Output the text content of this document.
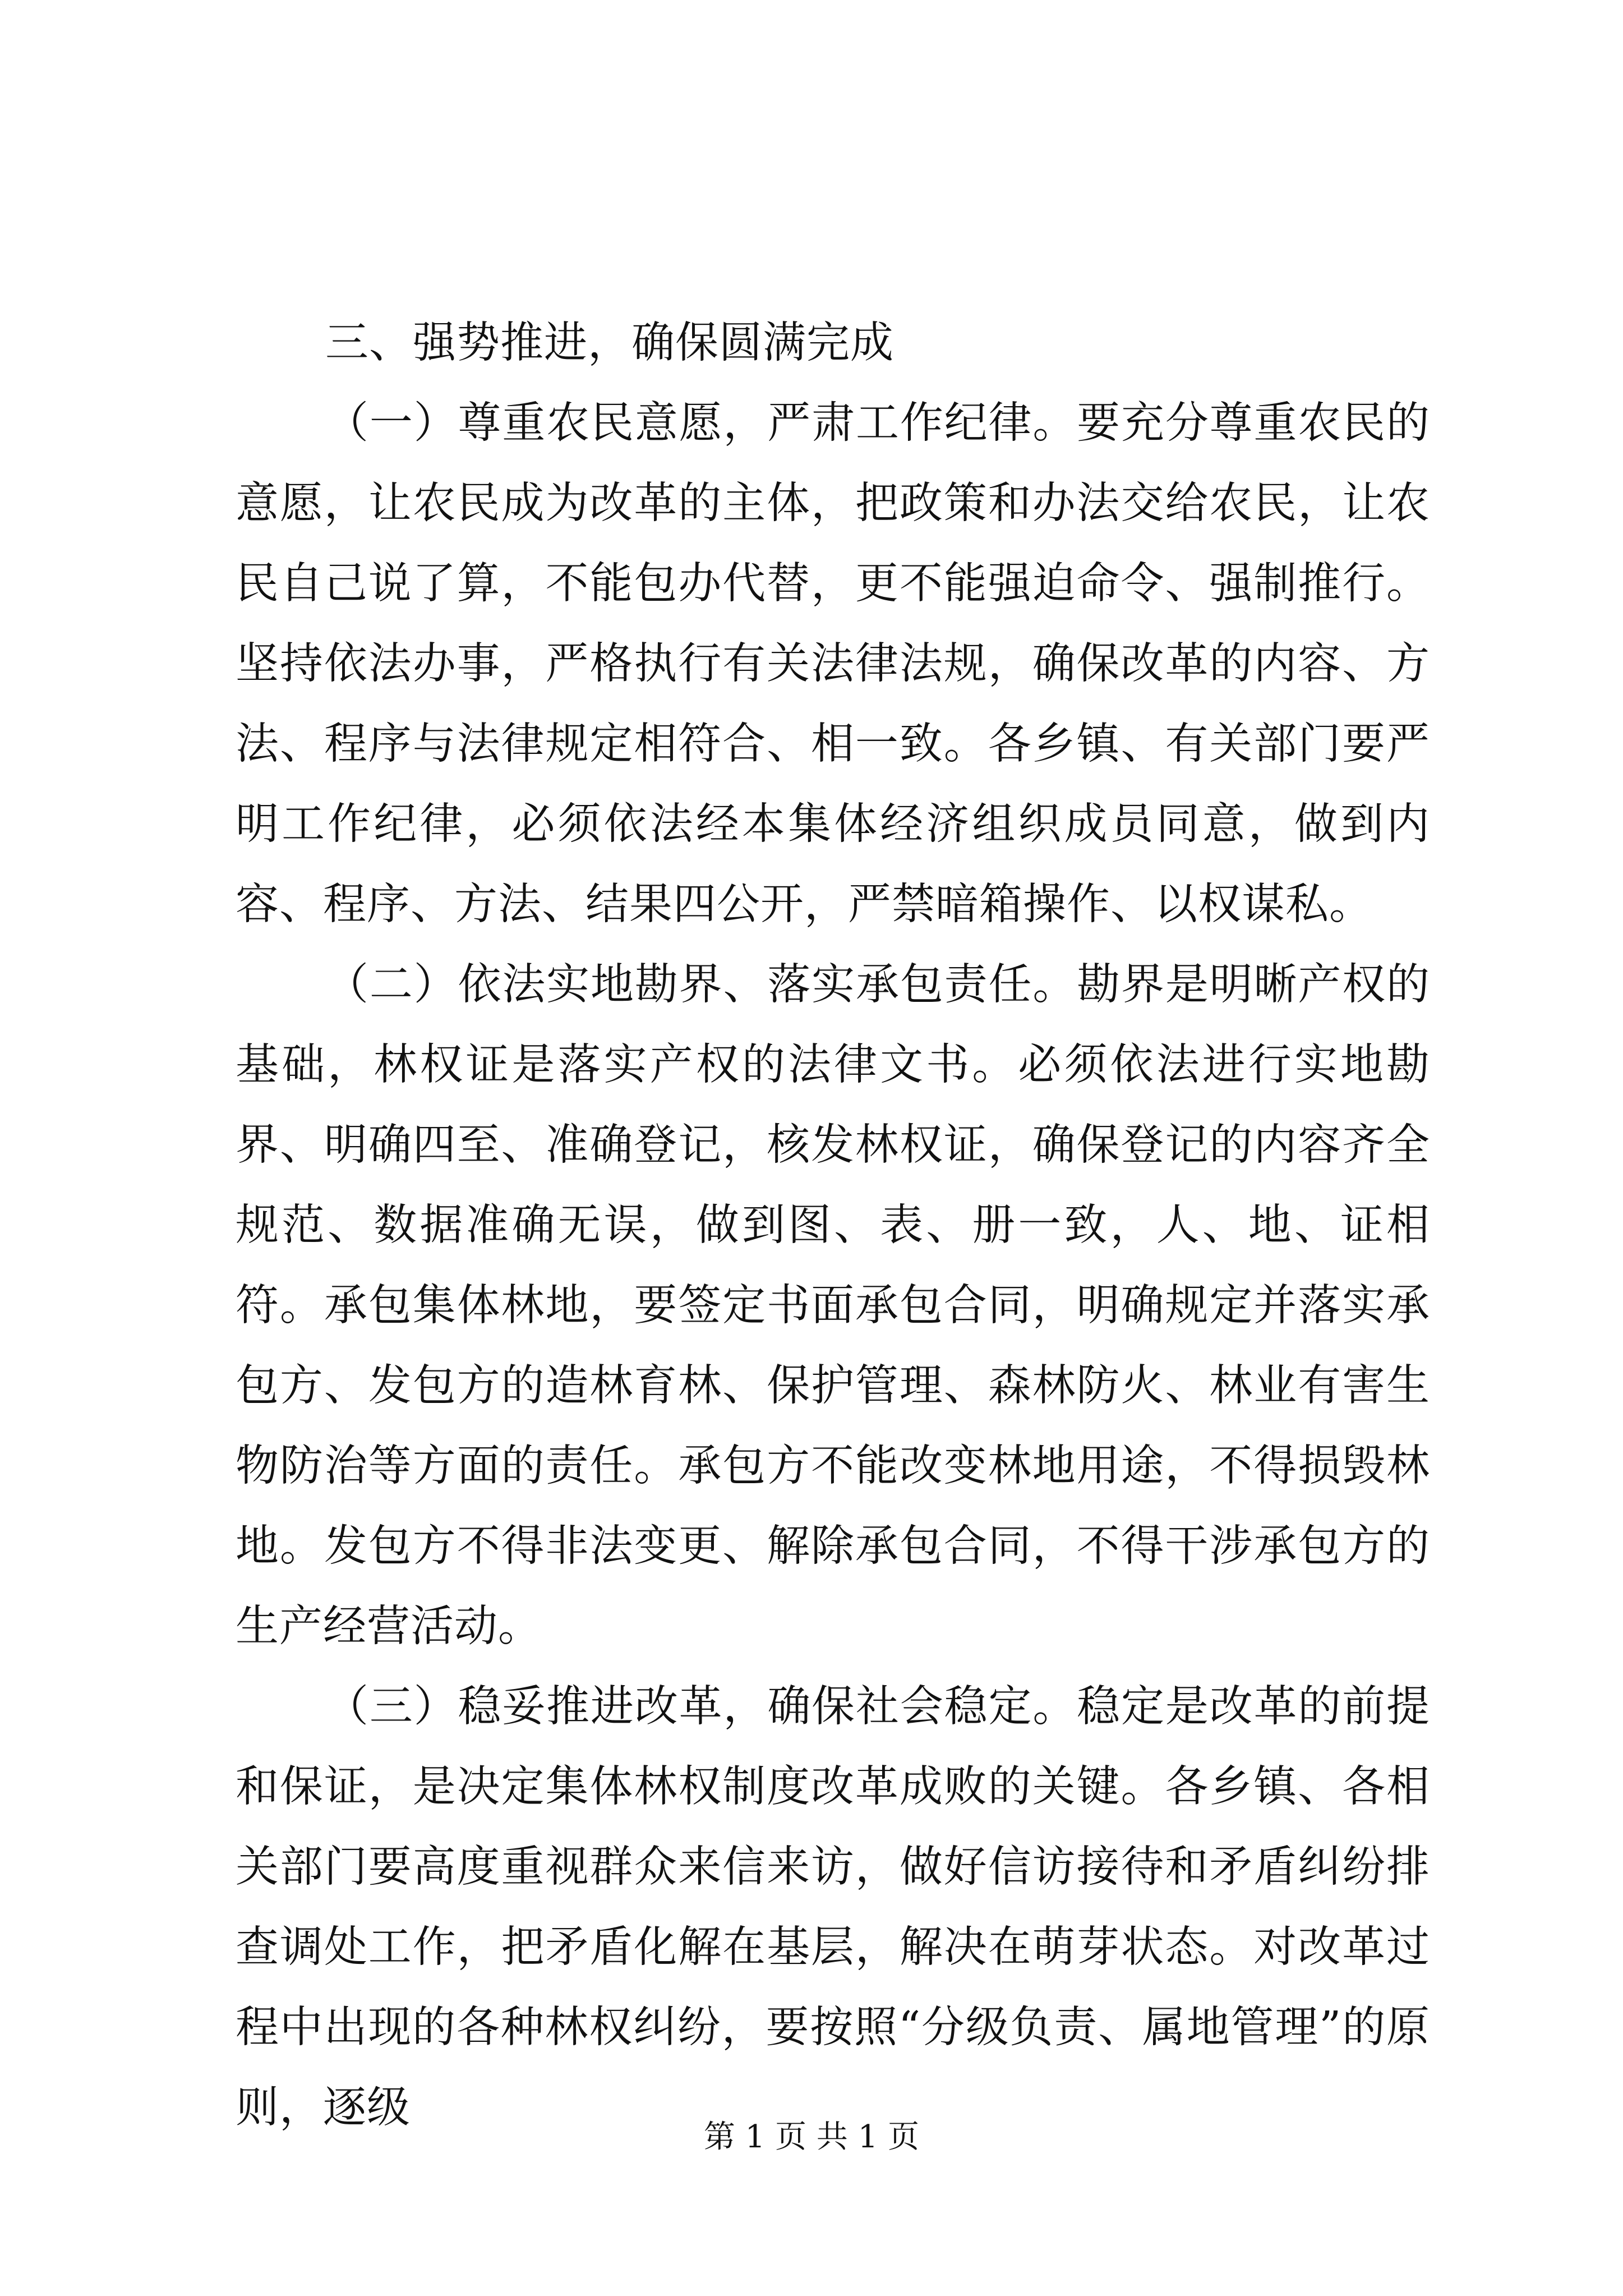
三、强势推进，确保圆满完成

（一）尊重农民意愿，严肃工作纪律。要充分尊重农民的意愿，让农民成为改革的主体，把政策和办法交给农民，让农民自己说了算，不能包办代替，更不能强迫命令、强制推行。坚持依法办事，严格执行有关法律法规，确保改革的内容、方法、程序与法律规定相符合、相一致。各乡镇、有关部门要严明工作纪律，必须依法经本集体经济组织成员同意，做到内容、程序、方法、结果四公开，严禁暗箱操作、以权谋私。

（二）依法实地勘界、落实承包责任。勘界是明晰产权的基础，林权证是落实产权的法律文书。必须依法进行实地勘界、明确四至、准确登记，核发林权证，确保登记的内容齐全规范、数据准确无误，做到图、表、册一致，人、地、证相符。承包集体林地，要签定书面承包合同，明确规定并落实承包方、发包方的造林育林、保护管理、森林防火、林业有害生物防治等方面的责任。承包方不能改变林地用途，不得损毁林地。发包方不得非法变更、解除承包合同，不得干涉承包方的生产经营活动。

（三）稳妥推进改革，确保社会稳定。稳定是改革的前提和保证，是决定集体林权制度改革成败的关键。各乡镇、各相关部门要高度重视群众来信来访，做好信访接待和矛盾纠纷排查调处工作，把矛盾化解在基层，解决在萌芽状态。对改革过程中出现的各种林权纠纷，要按照“分级负责、属地管理”的原则，逐级

第 1 页 共 1 页
